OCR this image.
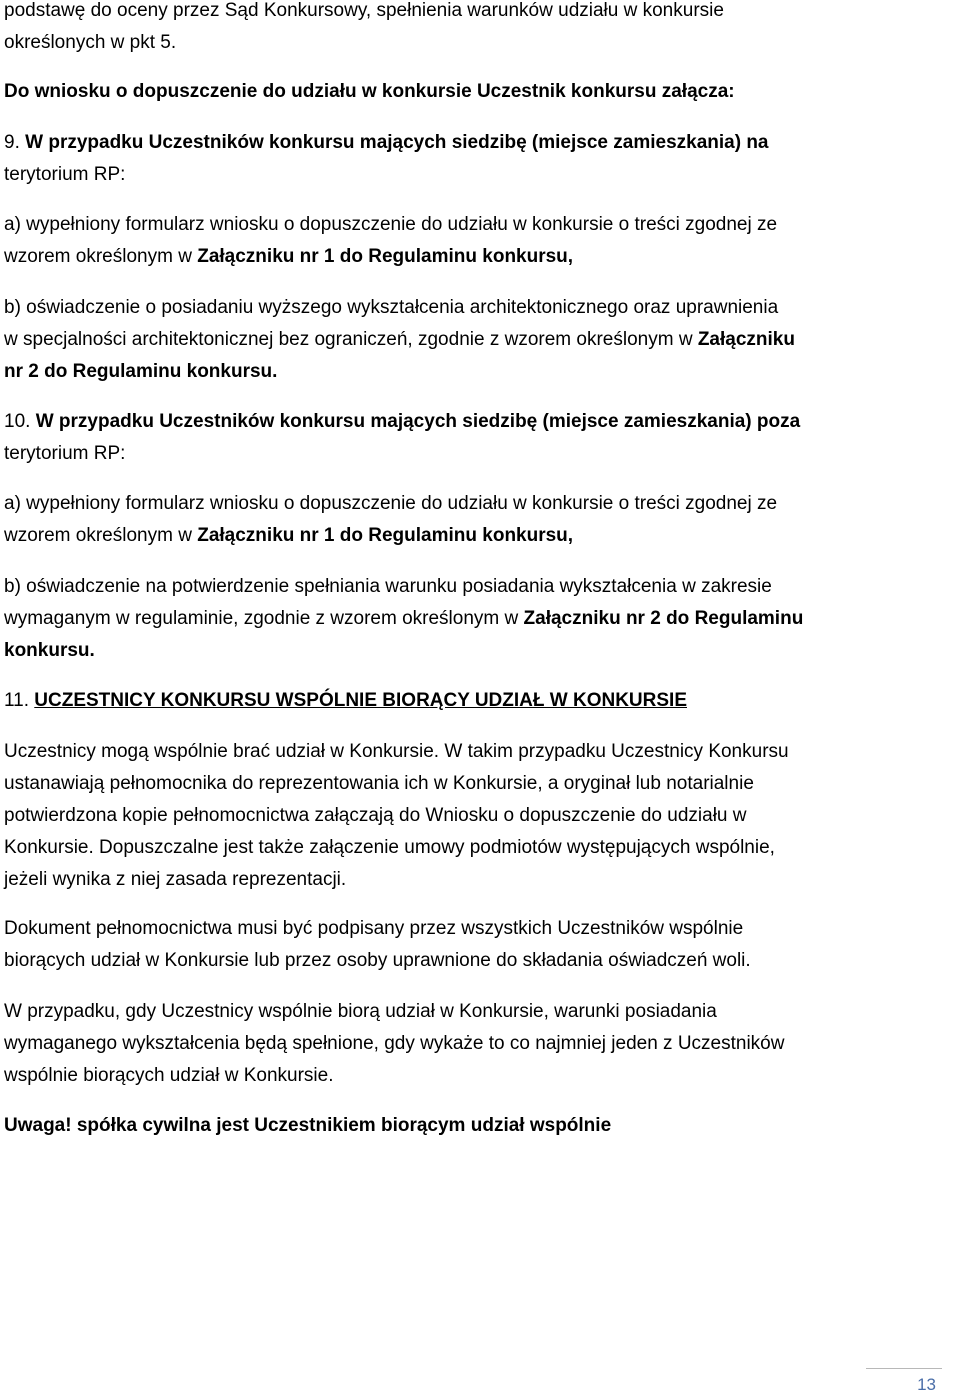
podstawę do oceny przez Sąd Konkursowy, spełnienia warunków udziału w konkursie
określonych w pkt 5.

Do wniosku o dopuszczenie do udziału w konkursie Uczestnik konkursu załącza:

9. W przypadku Uczestników konkursu mających siedzibę (miejsce zamieszkania) na
terytorium RP:

a) wypełniony formularz wniosku o dopuszczenie do udziału w konkursie o treści zgodnej ze
wzorem określonym w Załączniku nr 1 do Regulaminu konkursu,

b) oświadczenie o posiadaniu wyższego wykształcenia architektonicznego oraz uprawnienia
w specjalności architektonicznej bez ograniczeń, zgodnie z wzorem określonym w Załączniku
nr 2 do Regulaminu konkursu.

10. W przypadku Uczestników konkursu mających siedzibę (miejsce zamieszkania) poza
terytorium RP:

a) wypełniony formularz wniosku o dopuszczenie do udziału w konkursie o treści zgodnej ze
wzorem określonym w Załączniku nr 1 do Regulaminu konkursu,

b) oświadczenie na potwierdzenie spełniania warunku posiadania wykształcenia w zakresie
wymaganym w regulaminie, zgodnie z wzorem określonym w Załączniku nr 2 do Regulaminu
konkursu.

11. UCZESTNICY KONKURSU WSPÓLNIE BIORĄCY UDZIAŁ W KONKURSIE

Uczestnicy mogą wspólnie brać udział w Konkursie. W takim przypadku Uczestnicy Konkursu
ustanawiają pełnomocnika do reprezentowania ich w Konkursie, a oryginał lub notarialnie
potwierdzona kopie pełnomocnictwa załączają do Wniosku o dopuszczenie do udziału w
Konkursie. Dopuszczalne jest także załączenie umowy podmiotów występujących wspólnie,
jeżeli wynika z niej zasada reprezentacji.

Dokument pełnomocnictwa musi być podpisany przez wszystkich Uczestników wspólnie
biorących udział w Konkursie lub przez osoby uprawnione do składania oświadczeń woli.

W przypadku, gdy Uczestnicy wspólnie biorą udział w Konkursie, warunki posiadania
wymaganego wykształcenia będą spełnione, gdy wykaże to co najmniej jeden z Uczestników
wspólnie biorących udział w Konkursie.

Uwaga! spółka cywilna jest Uczestnikiem biorącym udział wspólnie

13
